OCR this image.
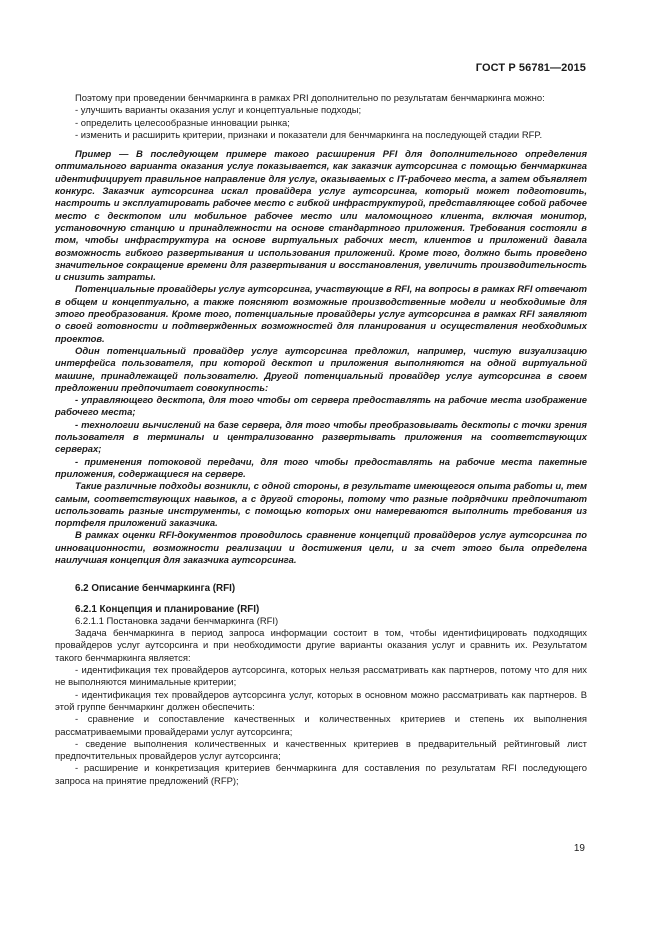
ГОСТ Р 56781—2015

Поэтому при проведении бенчмаркинга в рамках PRI дополнительно по результатам бенчмаркинга можно:

- улучшить варианты оказания услуг и концептуальные подходы;

- определить целесообразные инновации рынка;

- изменить и расширить критерии, признаки и показатели для бенчмаркинга на последующей стадии RFP.

Пример — В последующем примере такого расширения PFI для дополнительного определения оптимального варианта оказания услуг показывается, как заказчик аутсорсинга с помощью бенчмаркинга идентифицирует правильное направление для услуг, оказываемых с IT-рабочего места, а затем объявляет конкурс. Заказчик аутсорсинга искал провайдера услуг аутсорсинга, который может подготовить, настроить и эксплуатировать рабочее место с гибкой инфраструктурой, представляющее собой рабочее место с десктопом или мобильное рабочее место или маломощного клиента, включая монитор, установочную станцию и принадлежности на основе стандартного приложения. Требования состояли в том, чтобы инфраструктура на основе виртуальных рабочих мест, клиентов и приложений давала возможность гибкого развертывания и использования приложений. Кроме того, должно быть проведено значительное сокращение времени для развертывания и восстановления, увеличить производительность и снизить затраты.

Потенциальные провайдеры услуг аутсорсинга, участвующие в RFI, на вопросы в рамках RFI отвечают в общем и концептуально, а также поясняют возможные производственные модели и необходимые для этого преобразования. Кроме того, потенциальные провайдеры услуг аутсорсинга в рамках RFI заявляют о своей готовности и подтвержденных возможностей для планирования и осуществления необходимых проектов.

Один потенциальный провайдер услуг аутсорсинга предложил, например, чистую визуализацию интерфейса пользователя, при которой десктоп и приложения выполняются на одной виртуальной машине, принадлежащей пользователю. Другой потенциальный провайдер услуг аутсорсинга в своем предложении предпочитает совокупность:

- управляющего десктопа, для того чтобы от сервера предоставлять на рабочие места изображение рабочего места;

- технологии вычислений на базе сервера, для того чтобы преобразовывать десктопы с точки зрения пользователя в терминалы и централизованно развертывать приложения на соответствующих серверах;

- применения потоковой передачи, для того чтобы предоставлять на рабочие места пакетные приложения, содержащиеся на сервере.

Такие различные подходы возникли, с одной стороны, в результате имеющегося опыта работы и, тем самым, соответствующих навыков, а с другой стороны, потому что разные подрядчики предпочитают использовать разные инструменты, с помощью которых они намереваются выполнить требования из портфеля приложений заказчика.

В рамках оценки RFI-документов проводилось сравнение концепций провайдеров услуг аутсорсинга по инновационности, возможности реализации и достижения цели, и за счет этого была определена наилучшая концепция для заказчика аутсорсинга.

6.2 Описание бенчмаркинга (RFI)

6.2.1 Концепция и планирование (RFI)

6.2.1.1 Постановка задачи бенчмаркинга (RFI)

Задача бенчмаркинга в период запроса информации состоит в том, чтобы идентифицировать подходящих провайдеров услуг аутсорсинга и при необходимости другие варианты оказания услуг и сравнить их. Результатом такого бенчмаркинга является:

- идентификация тех провайдеров аутсорсинга, которых нельзя рассматривать как партнеров, потому что для них не выполняются минимальные критерии;

- идентификация тех провайдеров аутсорсинга услуг, которых в основном можно рассматривать как партнеров. В этой группе бенчмаркинг должен обеспечить:

- сравнение и сопоставление качественных и количественных критериев и степень их выполнения рассматриваемыми провайдерами услуг аутсорсинга;

- сведение выполнения количественных и качественных критериев в предварительный рейтинговый лист предпочтительных провайдеров услуг аутсорсинга;

- расширение и конкретизация критериев бенчмаркинга для составления по результатам RFI последующего запроса на принятие предложений (RFP);

19
